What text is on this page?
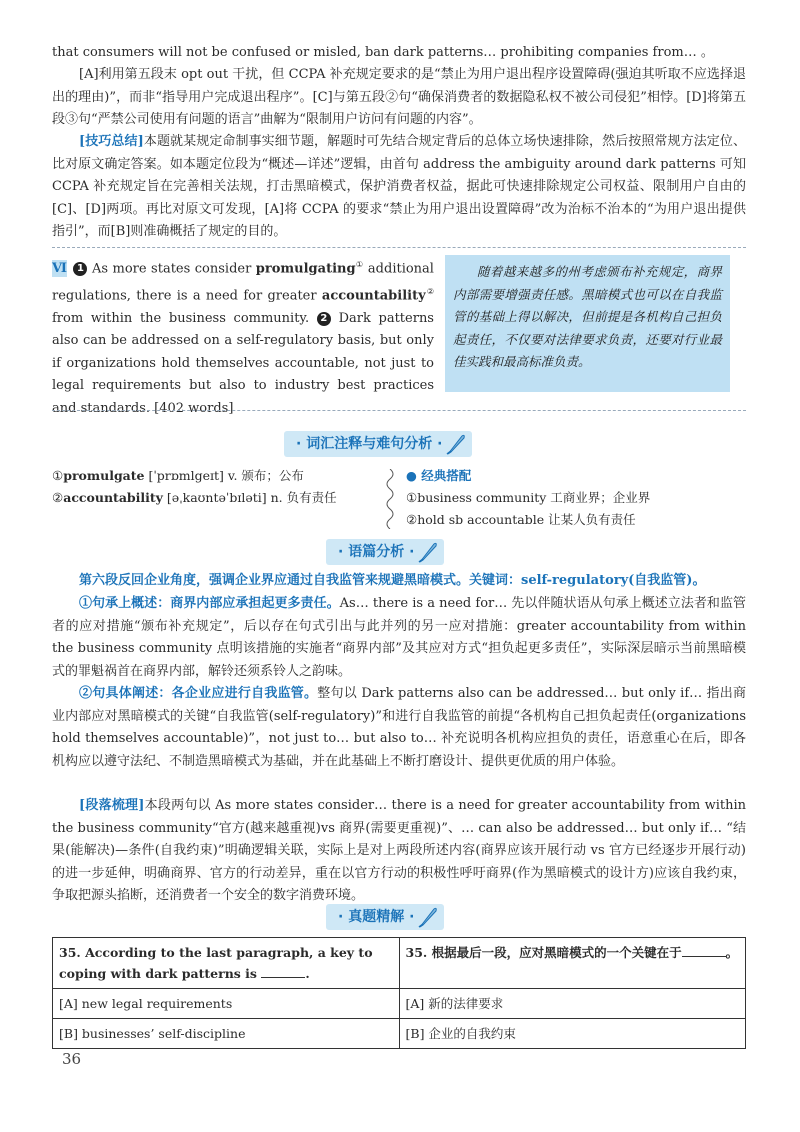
that consumers will not be confused or misled, ban dark patterns… prohibiting companies from… 。
[A]利用第五段末 opt out 干扰，但 CCPA 补充规定要求的是“禁止为用户退出程序设置障碍(强迫其听取不应选择退出的理由)”，而非“指导用户完成退出程序”。[C]与第五段②句“确保消费者的数据隐私权不被公司侵犯”相悖。[D]将第五段③句“严禁公司使用有问题的语言”曲解为“限制用户访问有问题的内容”。
[技巧总结]本题就某规定命制事实细节题，解题时可先结合规定背后的总体立场快速排除，然后按照常规方法定位、比对原文确定答案。如本题定位段为“概述—详述”逻辑，由首句 address the ambiguity around dark patterns 可知 CCPA 补充规定旨在完善相关法规，打击黑暗模式，保护消费者权益，据此可快速排除规定公司权益、限制用户自由的[C]、[D]两项。再比对原文可发现，[A]将 CCPA 的要求“禁止为用户退出设置障碍”改为治标不治本的“为用户退出提供指引”，而[B]则准确概括了规定的目的。
Ⅵ 1 As more states consider promulgating① additional regulations, there is a need for greater accountability② from within the business community. 2 Dark patterns also can be addressed on a self-regulatory basis, but only if organizations hold themselves accountable, not just to legal requirements but also to industry best practices and standards. [402 words]
随着越来越多的州考虑颁布补充规定，商界内部需要增强责任感。黑暗模式也可以在自我监管的基础上得以解决，但前提是各机构自己担负起责任，不仅要对法律要求负责，还要对行业最佳实践和最高标准负责。
· 词汇注释与难句分析 ·
①promulgate [ˈprɒmlgeɪt] v. 颁布；公布
②accountability [əˌkaʊntəˈbɪləti] n. 负有责任
● 经典搭配
①business community 工商业界；企业界
②hold sb accountable 让某人负有责任
· 语篇分析 ·
第六段反回企业角度，强调企业界应通过自我监管来规避黑暗模式。关键词：self-regulatory(自我监管)。
①句承上概述：商界内部应承担起更多责任。As… there is a need for… 先以伴随状语从句承上概述立法者和监管者的应对措施“颁布补充规定”，后以存在句式引出与此并列的另一应对措施：greater accountability from within the business community 点明该措施的实施者“商界内部”及其应对方式“担负起更多责任”，实际深层暗示当前黑暗模式的罪魁祸首在商界内部，解铃还须系铃人之韵味。
②句具体阐述：各企业应进行自我监管。整句以 Dark patterns also can be addressed… but only if… 指出商业内部应对黑暗模式的关键“自我监管(self-regulatory)”和进行自我监管的前提“各机构自己担负起责任(organizations hold themselves accountable)”，not just to… but also to… 补充说明各机构应担负的责任，语意重心在后，即各机构应以遵守法纪、不制造黑暗模式为基础，并在此基础上不断打磨设计、提供更优质的用户体验。
[段落梳理]本段两句以 As more states consider… there is a need for greater accountability from within the business community“官方(越来越重视)vs 商界(需要更重视)”、… can also be addressed… but only if… “结果(能解决)—条件(自我约束)”明确逻辑关联，实际上是对上两段所述内容(商界应该开展行动 vs 官方已经逐步开展行动)的进一步延伸，明确商界、官方的行动差异，重在以官方行动的积极性呼吁商界(作为黑暗模式的设计方)应该自我约束，争取把源头掐断，还消费者一个安全的数字消费环境。
· 真题精解 ·
35. According to the last paragraph, a key to coping with dark patterns is .	35. 根据最后一段，应对黑暗模式的一个关键在于 。
[A] new legal requirements	[A] 新的法律要求
[B] businesses’ self-discipline	[B] 企业的自我约束
36
